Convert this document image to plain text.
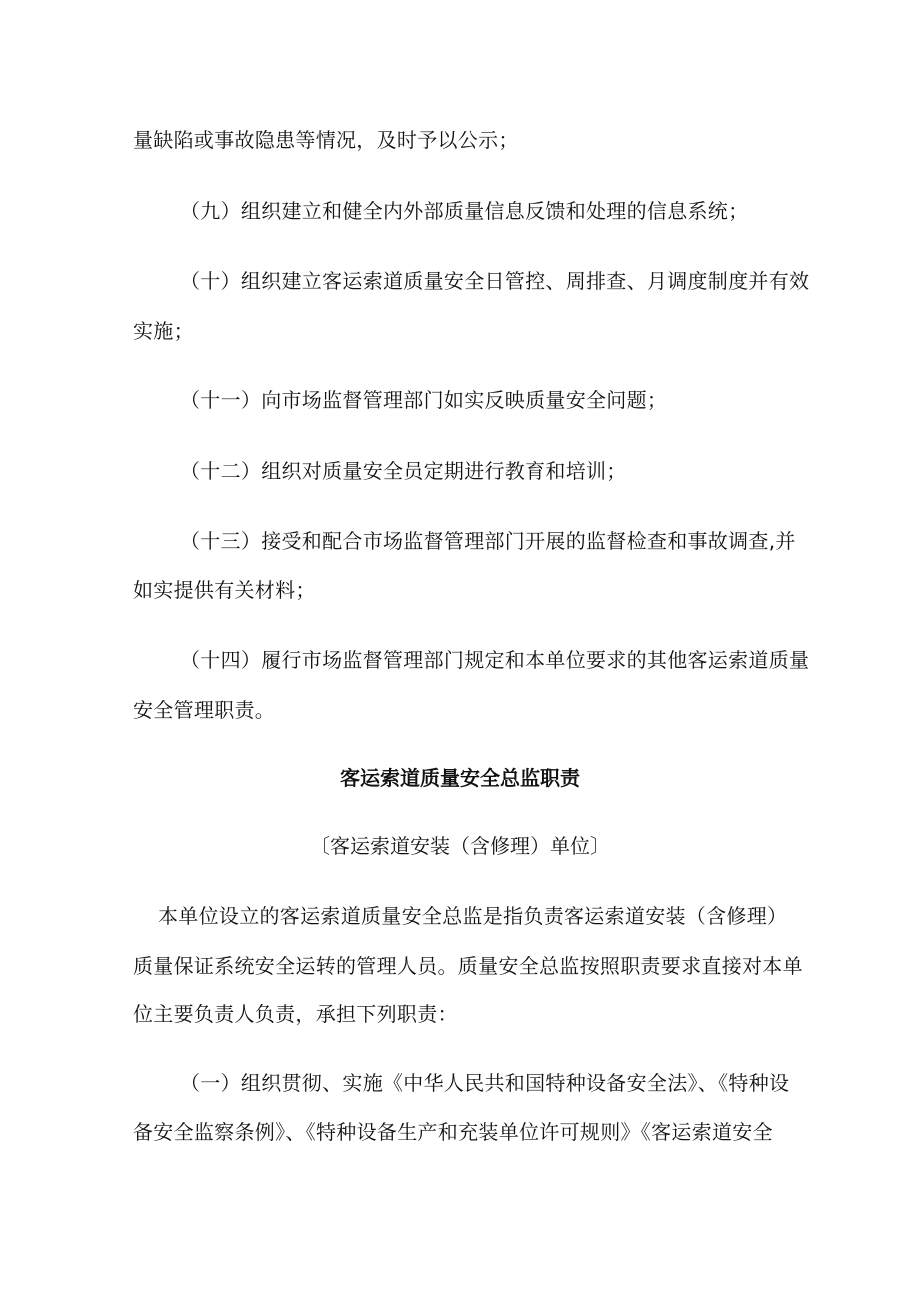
量缺陷或事故隐患等情况，及时予以公示；
（九）组织建立和健全内外部质量信息反馈和处理的信息系统；
（十）组织建立客运索道质量安全日管控、周排查、月调度制度并有效
实施；
（十一）向市场监督管理部门如实反映质量安全问题；
（十二）组织对质量安全员定期进行教育和培训；
（十三）接受和配合市场监督管理部门开展的监督检查和事故调查,并
如实提供有关材料；
（十四）履行市场监督管理部门规定和本单位要求的其他客运索道质量
安全管理职责。
客运索道质量安全总监职责
〔客运索道安装（含修理）单位〕
本单位设立的客运索道质量安全总监是指负责客运索道安装（含修理）
质量保证系统安全运转的管理人员。质量安全总监按照职责要求直接对本单
位主要负责人负责，承担下列职责：
（一）组织贯彻、实施《中华人民共和国特种设备安全法》、《特种设
备安全监察条例》、《特种设备生产和充装单位许可规则》《客运索道安全
